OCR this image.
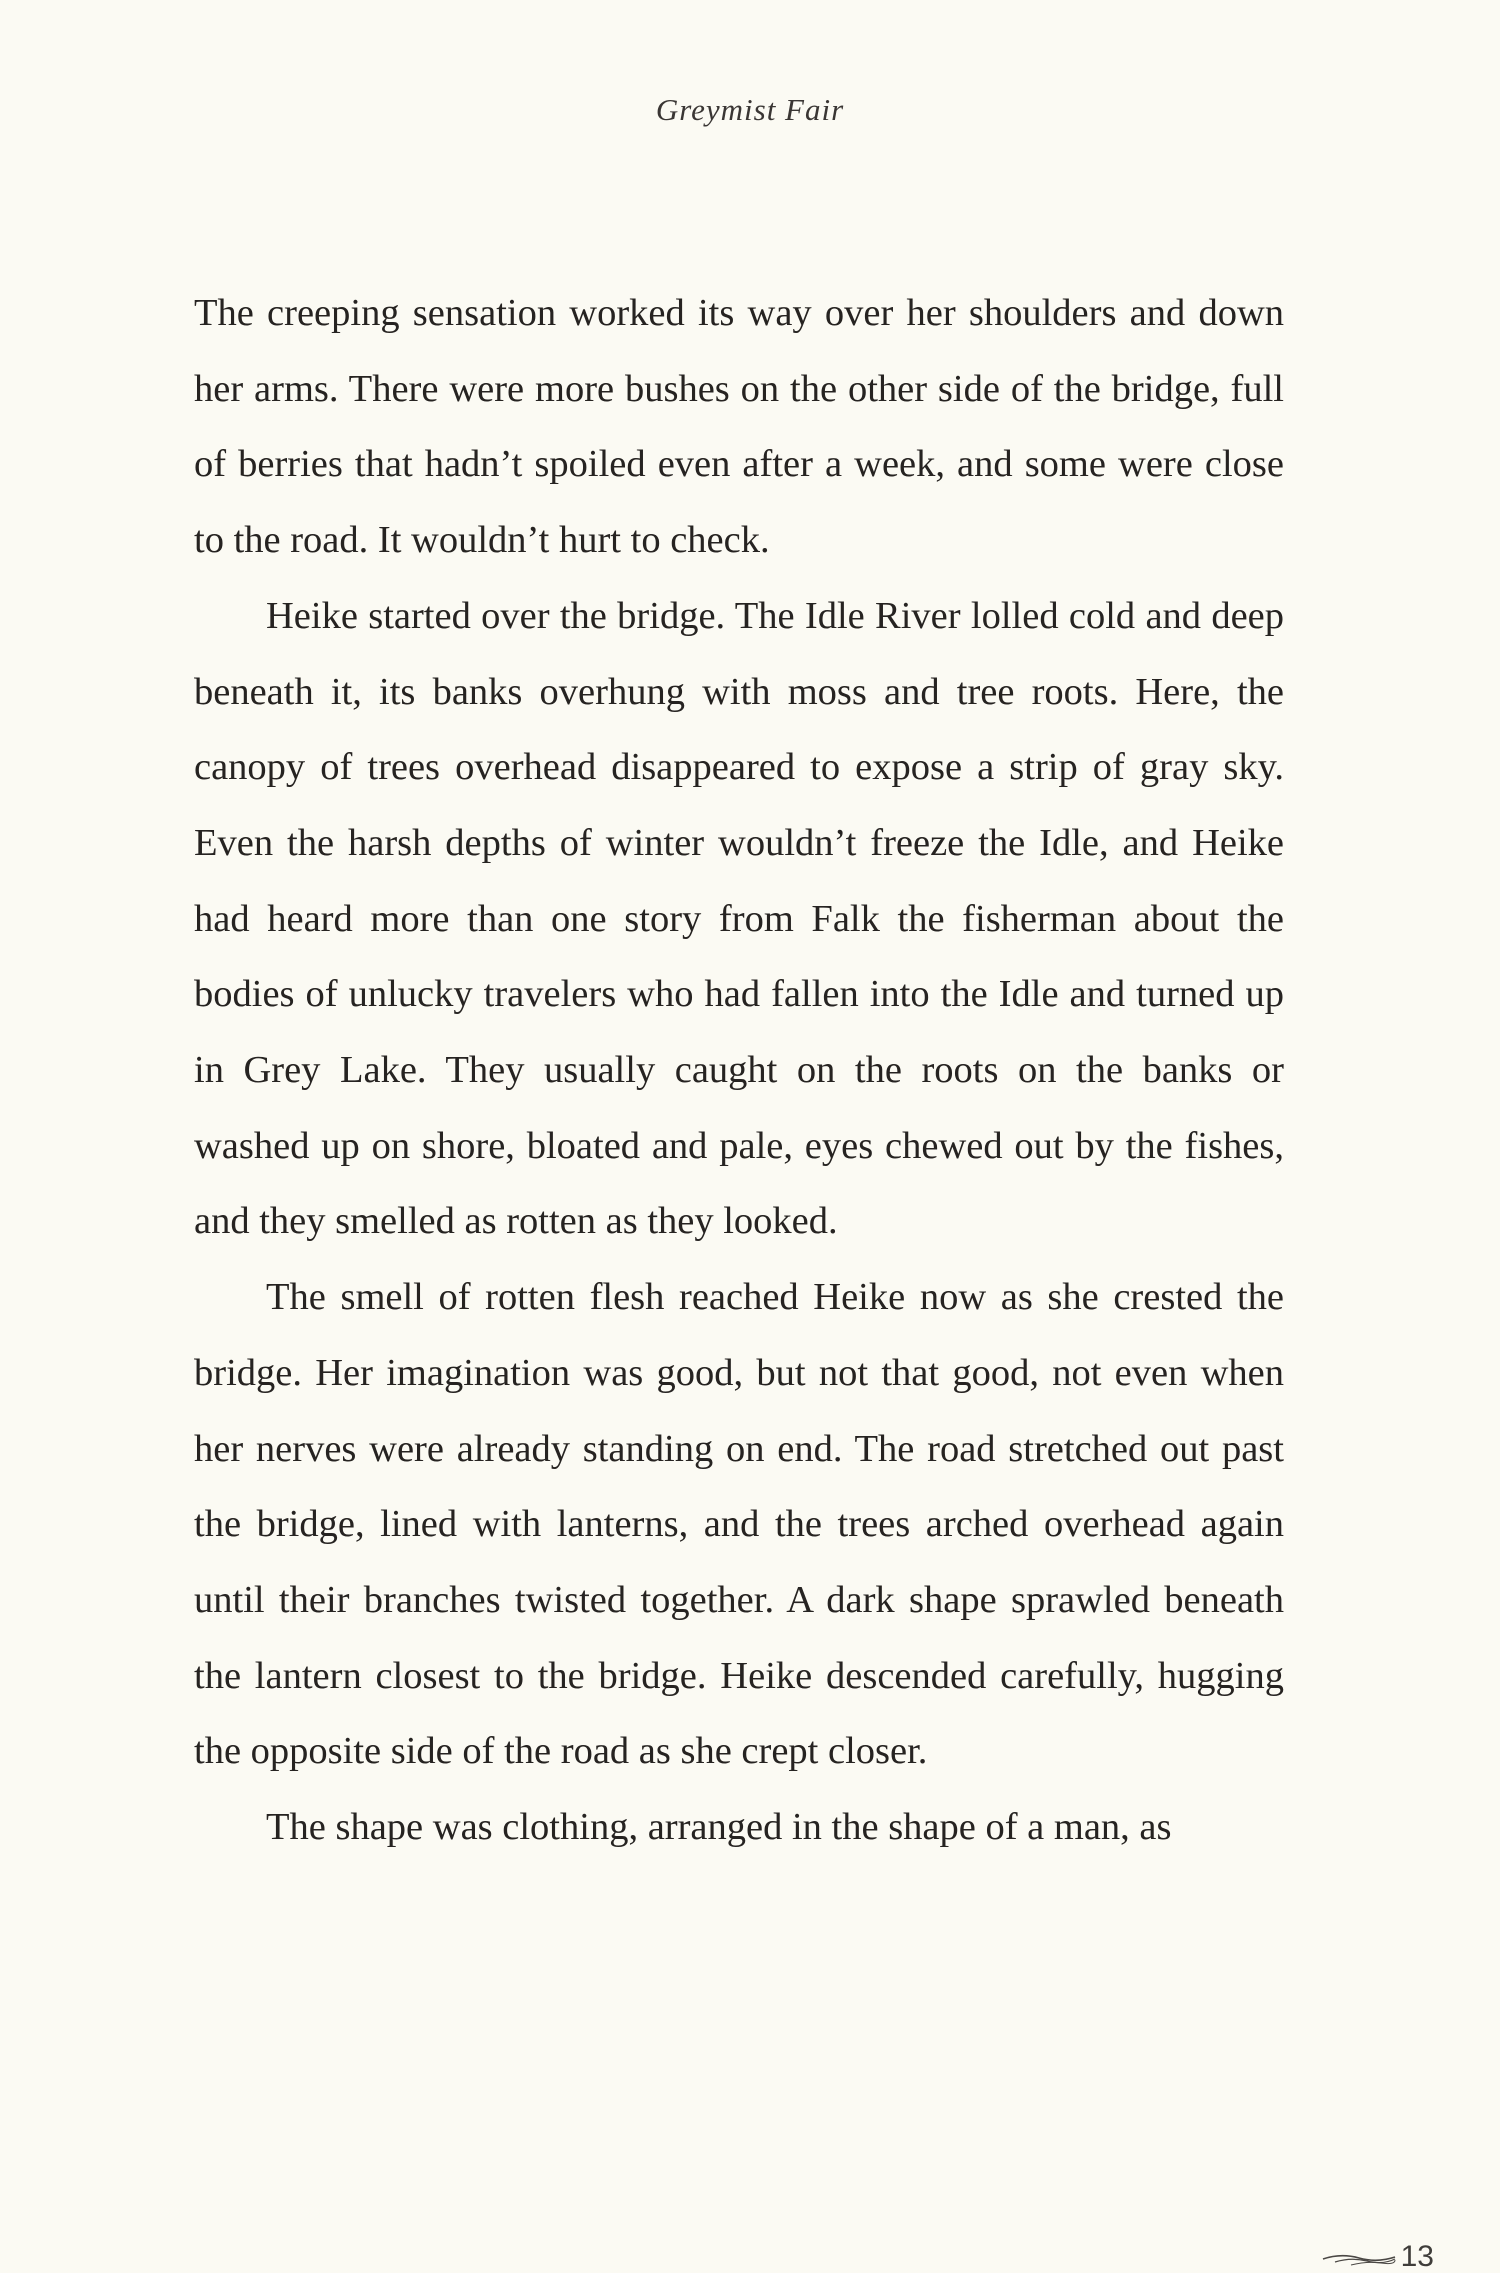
Greymist Fair

The creeping sensation worked its way over her shoulders and down her arms. There were more bushes on the other side of the bridge, full of berries that hadn’t spoiled even after a week, and some were close to the road. It wouldn’t hurt to check.

Heike started over the bridge. The Idle River lolled cold and deep beneath it, its banks overhung with moss and tree roots. Here, the canopy of trees overhead disappeared to expose a strip of gray sky. Even the harsh depths of winter wouldn’t freeze the Idle, and Heike had heard more than one story from Falk the fisherman about the bodies of unlucky travelers who had fallen into the Idle and turned up in Grey Lake. They usually caught on the roots on the banks or washed up on shore, bloated and pale, eyes chewed out by the fishes, and they smelled as rotten as they looked.

The smell of rotten flesh reached Heike now as she crested the bridge. Her imagination was good, but not that good, not even when her nerves were already standing on end. The road stretched out past the bridge, lined with lanterns, and the trees arched overhead again until their branches twisted together. A dark shape sprawled beneath the lantern closest to the bridge. Heike descended carefully, hugging the opposite side of the road as she crept closer.

The shape was clothing, arranged in the shape of a man, as

13
